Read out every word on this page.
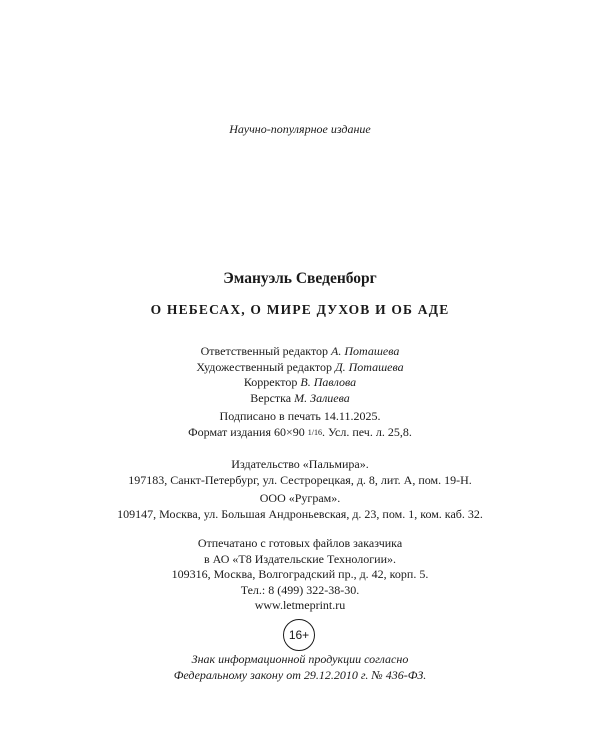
Научно-популярное издание
Эмануэль Сведенборг
О НЕБЕСАХ, О МИРЕ ДУХОВ И ОБ АДЕ
Ответственный редактор А. Поташева
Художественный редактор Д. Поташева
Корректор В. Павлова
Верстка М. Залиева
Подписано в печать 14.11.2025.
Формат издания 60×90 1/16. Усл. печ. л. 25,8.
Издательство «Пальмира».
197183, Санкт-Петербург, ул. Сестрорецкая, д. 8, лит. А, пом. 19-Н.
ООО «Руграм».
109147, Москва, ул. Большая Андроньевская, д. 23, пом. 1, ком. каб. 32.
Отпечатано с готовых файлов заказчика
в АО «Т8 Издательские Технологии».
109316, Москва, Волгоградский пр., д. 42, корп. 5.
Тел.: 8 (499) 322-38-30.
www.letmeprint.ru
16+
Знак информационной продукции согласно
Федеральному закону от 29.12.2010 г. № 436-ФЗ.
